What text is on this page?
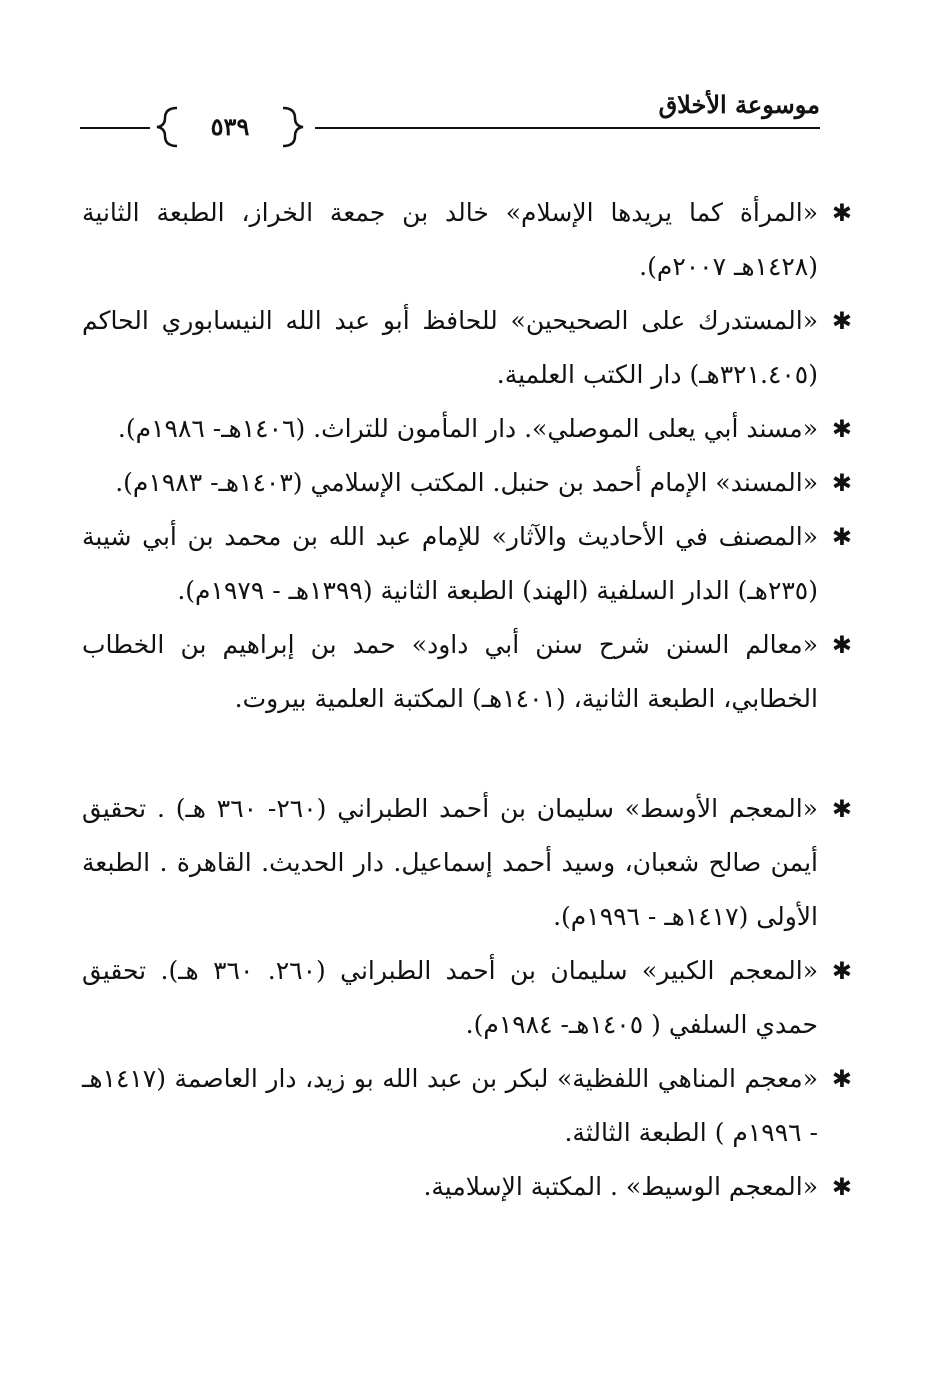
موسوعة الأخلاق
٥٣٩
✱
«المرأة كما يريدها الإسلام» خالد بن جمعة الخراز، الطبعة الثانية (١٤٢٨هـ ٢٠٠٧م).
✱
«المستدرك على الصحيحين» للحافظ أبو عبد الله النيسابوري الحاكم (٣٢١.٤٠٥هـ) دار الكتب العلمية.
✱
«مسند أبي يعلى الموصلي». دار المأمون للتراث. (١٤٠٦هـ- ١٩٨٦م).
✱
«المسند» الإمام أحمد بن حنبل. المكتب الإسلامي (١٤٠٣هـ- ١٩٨٣م).
✱
«المصنف في الأحاديث والآثار» للإمام عبد الله بن محمد بن أبي شيبة (٢٣٥هـ) الدار السلفية (الهند) الطبعة الثانية (١٣٩٩هـ - ١٩٧٩م).
✱
«معالم السنن شرح سنن أبي داود» حمد بن إبراهيم بن الخطاب الخطابي، الطبعة الثانية، (١٤٠١هـ) المكتبة العلمية بيروت.
✱
«المعجم الأوسط» سليمان بن أحمد الطبراني (٢٦٠- ٣٦٠ هـ) . تحقيق أيمن صالح شعبان، وسيد أحمد إسماعيل. دار الحديث. القاهرة . الطبعة الأولى (١٤١٧هـ - ١٩٩٦م).
✱
«المعجم الكبير» سليمان بن أحمد الطبراني (٢٦٠. ٣٦٠ هـ). تحقيق حمدي السلفي ( ١٤٠٥هـ- ١٩٨٤م).
✱
«معجم المناهي اللفظية» لبكر بن عبد الله بو زيد، دار العاصمة (١٤١٧هـ - ١٩٩٦م ) الطبعة الثالثة.
✱
«المعجم الوسيط» . المكتبة الإسلامية.
